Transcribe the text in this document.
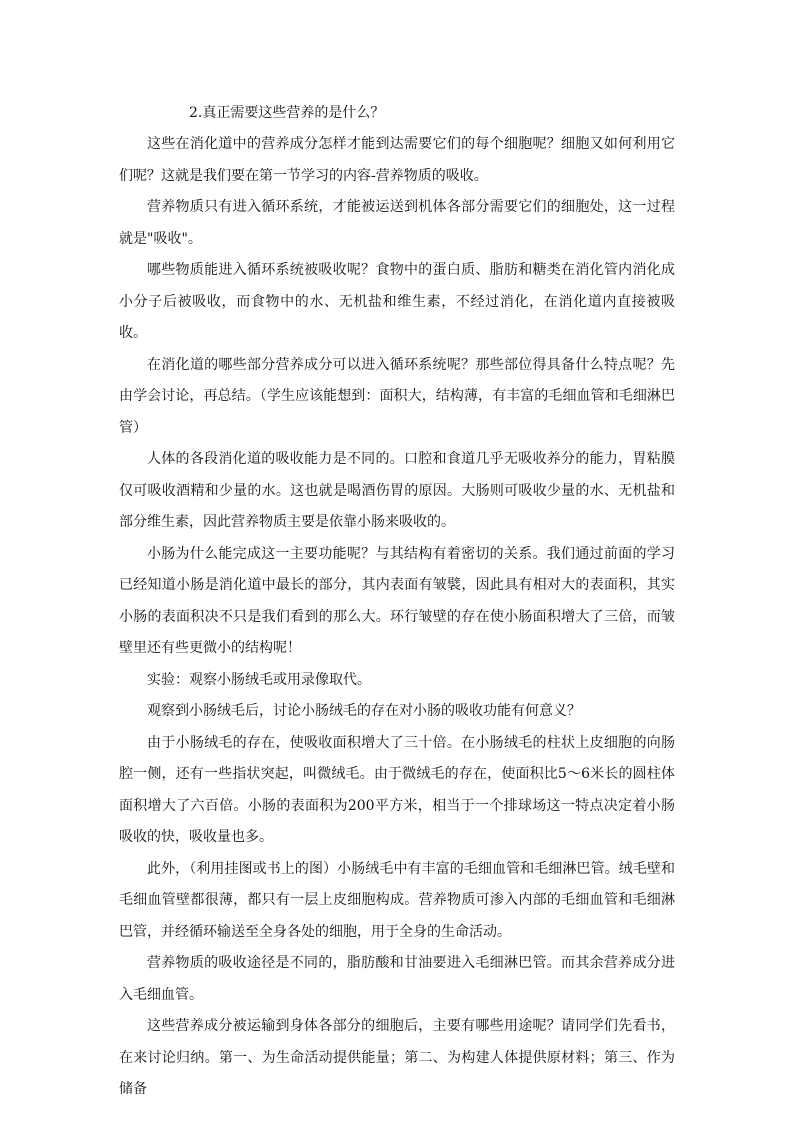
2.真正需要这些营养的是什么？

这些在消化道中的营养成分怎样才能到达需要它们的每个细胞呢？细胞又如何利用它们呢？这就是我们要在第一节学习的内容-营养物质的吸收。

营养物质只有进入循环系统，才能被运送到机体各部分需要它们的细胞处，这一过程就是"吸收"。

哪些物质能进入循环系统被吸收呢？食物中的蛋白质、脂肪和糖类在消化管内消化成小分子后被吸收，而食物中的水、无机盐和维生素，不经过消化，在消化道内直接被吸收。

在消化道的哪些部分营养成分可以进入循环系统呢？那些部位得具备什么特点呢？先由学会讨论，再总结。（学生应该能想到：面积大，结构薄，有丰富的毛细血管和毛细淋巴管）

人体的各段消化道的吸收能力是不同的。口腔和食道几乎无吸收养分的能力，胃粘膜仅可吸收酒精和少量的水。这也就是喝酒伤胃的原因。大肠则可吸收少量的水、无机盐和部分维生素，因此营养物质主要是依靠小肠来吸收的。

小肠为什么能完成这一主要功能呢？与其结构有着密切的关系。我们通过前面的学习已经知道小肠是消化道中最长的部分，其内表面有皱襞，因此具有相对大的表面积，其实小肠的表面积决不只是我们看到的那么大。环行皱壁的存在使小肠面积增大了三倍，而皱壁里还有些更微小的结构呢！

实验：观察小肠绒毛或用录像取代。

观察到小肠绒毛后，讨论小肠绒毛的存在对小肠的吸收功能有何意义？

由于小肠绒毛的存在，使吸收面积增大了三十倍。在小肠绒毛的柱状上皮细胞的向肠腔一侧，还有一些指状突起，叫微绒毛。由于微绒毛的存在，使面积比5～6米长的圆柱体面积增大了六百倍。小肠的表面积为200平方米，相当于一个排球场这一特点决定着小肠吸收的快，吸收量也多。

此外，（利用挂图或书上的图）小肠绒毛中有丰富的毛细血管和毛细淋巴管。绒毛壁和毛细血管壁都很薄，都只有一层上皮细胞构成。营养物质可渗入内部的毛细血管和毛细淋巴管，并经循环输送至全身各处的细胞，用于全身的生命活动。

营养物质的吸收途径是不同的，脂肪酸和甘油要进入毛细淋巴管。而其余营养成分进入毛细血管。

这些营养成分被运输到身体各部分的细胞后，主要有哪些用途呢？请同学们先看书，在来讨论归纳。第一、为生命活动提供能量；第二、为构建人体提供原材料；第三、作为储备
